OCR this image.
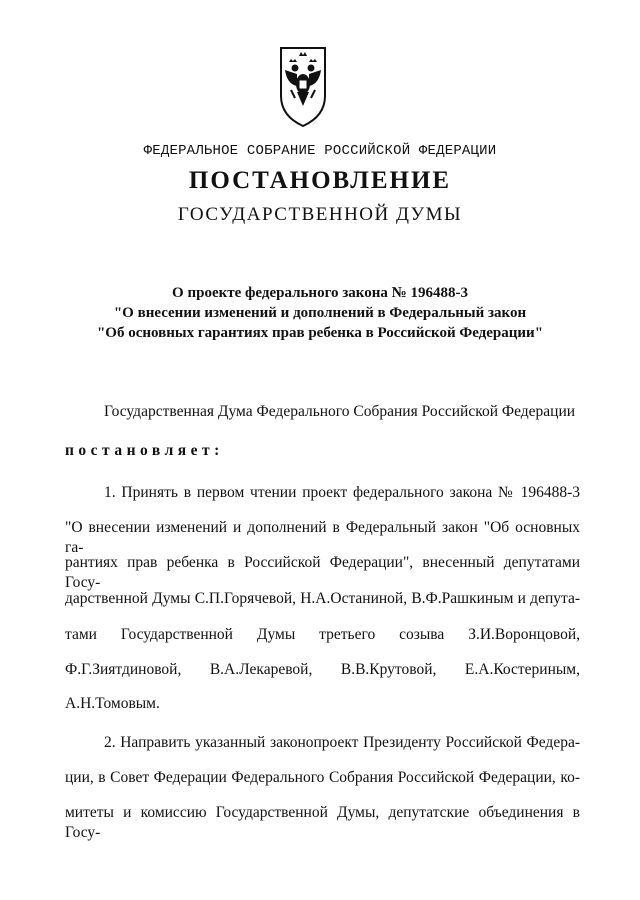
ФЕДЕРАЛЬНОЕ СОБРАНИЕ РОССИЙСКОЙ ФЕДЕРАЦИИ
ПОСТАНОВЛЕНИЕ
ГОСУДАРСТВЕННОЙ ДУМЫ
О проекте федерального закона № 196488-3
"О внесении изменений и дополнений в Федеральный закон
"Об основных гарантиях прав ребенка в Российской Федерации"
Государственная Дума Федерального Собрания Российской Федерации
постановляет:
1. Принять в первом чтении проект федерального закона № 196488-3
"О внесении изменений и дополнений в Федеральный закон "Об основных га-
рантиях прав ребенка в Российской Федерации", внесенный депутатами Госу-
дарственной Думы С.П.Горячевой, Н.А.Останиной, В.Ф.Рашкиным и депута-
тами Государственной Думы третьего созыва З.И.Воронцовой,
Ф.Г.Зиятдиновой, В.А.Лекаревой, В.В.Крутовой, Е.А.Костериным,
А.Н.Томовым.
2. Направить указанный законопроект Президенту Российской Федера-
ции, в Совет Федерации Федерального Собрания Российской Федерации, ко-
митеты и комиссию Государственной Думы, депутатские объединения в Госу-
